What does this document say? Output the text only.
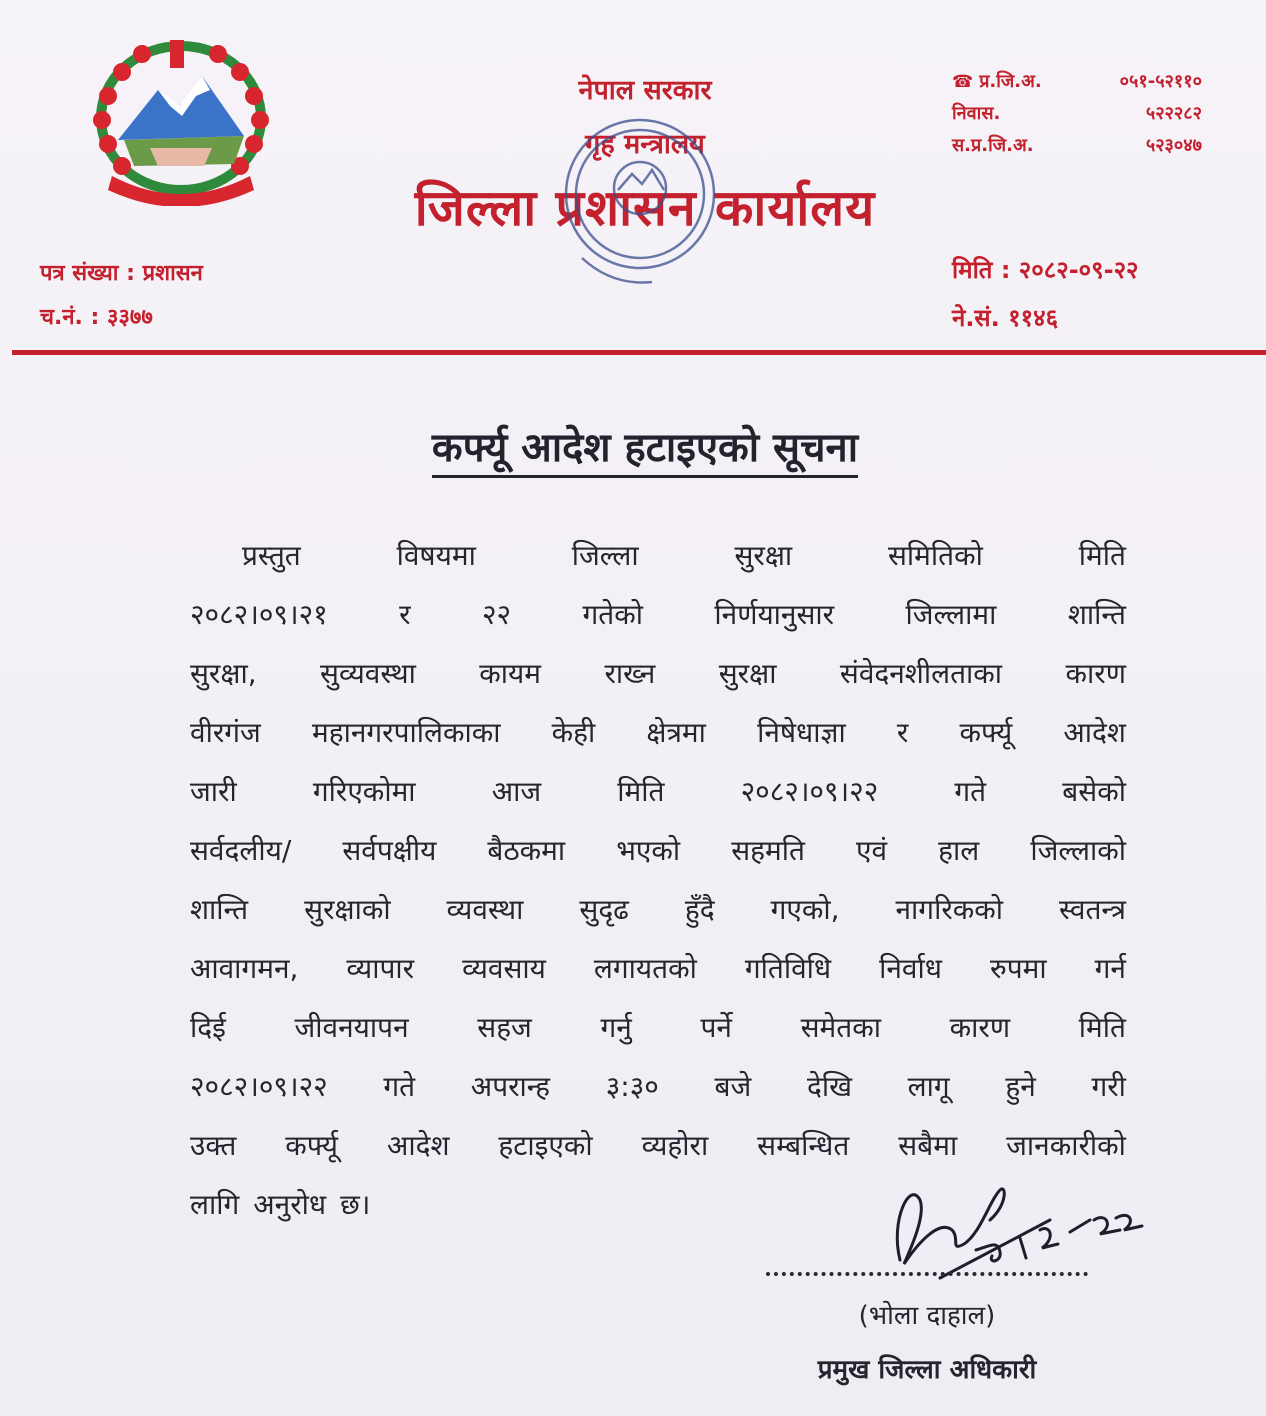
नेपाल सरकार
गृह मन्त्रालय
जिल्ला प्रशासन कार्यालय
☎ प्र.जि.अ.	०५१-५२११०
निवास.	५२२२८२
स.प्र.जि.अ.	५२३०४७
पत्र संख्या : प्रशासन
च.नं. : ३३७७
मिति : २०८२-०९-२२
ने.सं. ११४६
कर्फ्यू आदेश हटाइएको सूचना
प्रस्तुत	विषयमा	जिल्ला	सुरक्षा	समितिको	मिति
२०८२।०९।२१	र	२२	गतेको	निर्णयानुसार	जिल्लामा	शान्ति
सुरक्षा, सुव्यवस्था कायम राख्न सुरक्षा संवेदनशीलताका कारण
वीरगंज महानगरपालिकाका केही क्षेत्रमा निषेधाज्ञा र कर्फ्यू आदेश
जारी	गरिएकोमा	आज	मिति	२०८२।०९।२२	गते	बसेको
सर्वदलीय/ सर्वपक्षीय बैठकमा भएको सहमति एवं हाल जिल्लाको
शान्ति सुरक्षाको व्यवस्था सुदृढ हुँदै गएको, नागरिकको स्वतन्त्र
आवागमन, व्यापार व्यवसाय लगायतको गतिविधि निर्वाध रुपमा गर्न
दिई जीवनयापन सहज गर्नु पर्ने समेतका कारण मिति
२०८२।०९।२२ गते अपरान्ह ३:३० बजे देखि लागू हुने गरी
उक्त कर्फ्यू आदेश हटाइएको व्यहोरा सम्बन्धित सबैमा जानकारीको
लागि अनुरोध छ।
(भोला दाहाल)
प्रमुख जिल्ला अधिकारी
